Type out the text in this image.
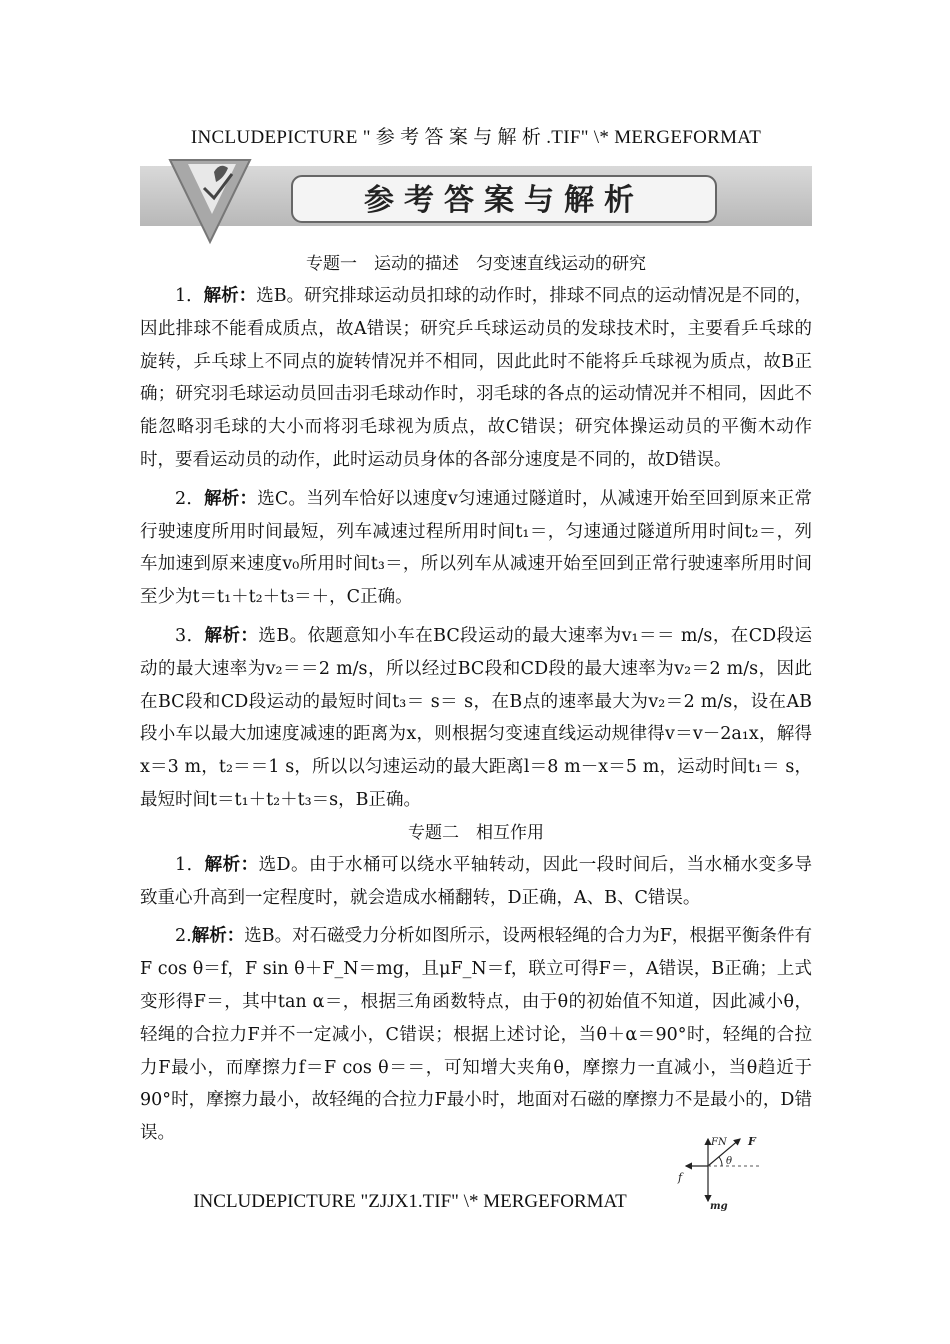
INCLUDEPICTURE " 参 考 答 案 与 解 析 .TIF" \* MERGEFORMAT
参考答案与解析
专题一　运动的描述　匀变速直线运动的研究

1．解析：选B。研究排球运动员扣球的动作时，排球不同点的运动情况是不同的，因此排球不能看成质点，故A错误；研究乒乓球运动员的发球技术时，主要看乒乓球的旋转，乒乓球上不同点的旋转情况并不相同，因此此时不能将乒乓球视为质点，故B正确；研究羽毛球运动员回击羽毛球动作时，羽毛球的各点的运动情况并不相同，因此不能忽略羽毛球的大小而将羽毛球视为质点，故C错误；研究体操运动员的平衡木动作时，要看运动员的动作，此时运动员身体的各部分速度是不同的，故D错误。

2．解析：选C。当列车恰好以速度v匀速通过隧道时，从减速开始至回到原来正常行驶速度所用时间最短，列车减速过程所用时间t₁＝，匀速通过隧道所用时间t₂＝，列车加速到原来速度v₀所用时间t₃＝，所以列车从减速开始至回到正常行驶速率所用时间至少为t＝t₁＋t₂＋t₃＝＋，C正确。

3．解析：选B。依题意知小车在BC段运动的最大速率为v₁＝＝ m/s，在CD段运动的最大速率为v₂＝＝2 m/s，所以经过BC段和CD段的最大速率为v₂＝2 m/s，因此在BC段和CD段运动的最短时间t₃＝ s＝ s，在B点的速率最大为v₂＝2 m/s，设在AB段小车以最大加速度减速的距离为x，则根据匀变速直线运动规律得v＝v－2a₁x，解得x＝3 m，t₂＝＝1 s，所以以匀速运动的最大距离l＝8 m－x＝5 m，运动时间t₁＝ s，最短时间t＝t₁＋t₂＋t₃＝s，B正确。

专题二　相互作用

1．解析：选D。由于水桶可以绕水平轴转动，因此一段时间后，当水桶水变多导致重心升高到一定程度时，就会造成水桶翻转，D正确，A、B、C错误。

2.解析：选B。对石磁受力分析如图所示，设两根轻绳的合力为F，根据平衡条件有F cos θ＝f，F sin θ＋F_N＝mg，且μF_N＝f，联立可得F＝，A错误，B正确；上式变形得F＝，其中tan α＝，根据三角函数特点，由于θ的初始值不知道，因此减小θ，轻绳的合拉力F并不一定减小，C错误；根据上述讨论，当θ＋α＝90°时，轻绳的合拉力F最小，而摩擦力f＝F cos θ＝＝，可知增大夹角θ，摩擦力一直减小，当θ趋近于90°时，摩擦力最小，故轻绳的合拉力F最小时，地面对石磁的摩擦力不是最小的，D错误。	FN F
θ
f
mg
INCLUDEPICTURE "ZJJX1.TIF" \* MERGEFORMAT
